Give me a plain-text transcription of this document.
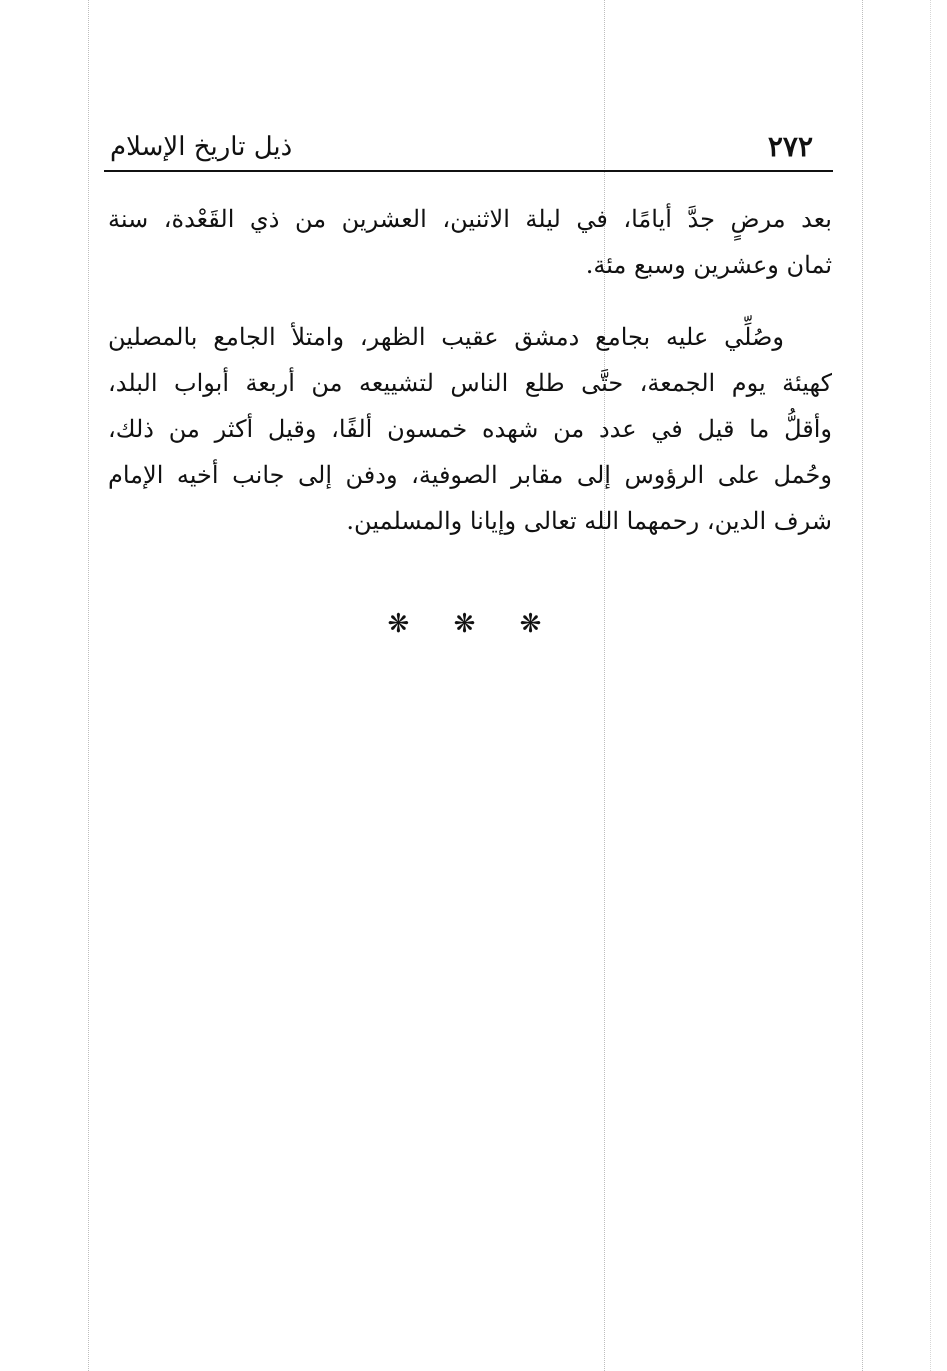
٢٧٢
ذيل تاريخ الإسلام
بعد مرضٍ جدَّ أيامًا، في ليلة الاثنين، العشرين من ذي القَعْدة، سنة
ثمان وعشرين وسبع مئة.
وصُلِّي عليه بجامع دمشق عقيب الظهر، وامتلأ الجامع بالمصلين
كهيئة يوم الجمعة، حتَّى طلع الناس لتشييعه من أربعة أبواب البلد،
وأقلُّ ما قيل في عدد من شهده خمسون ألفًا، وقيل أكثر من ذلك،
وحُمل على الرؤوس إلى مقابر الصوفية، ودفن إلى جانب أخيه الإمام
شرف الدين، رحمهما الله تعالى وإيانا والمسلمين.
❋ ❋ ❋
